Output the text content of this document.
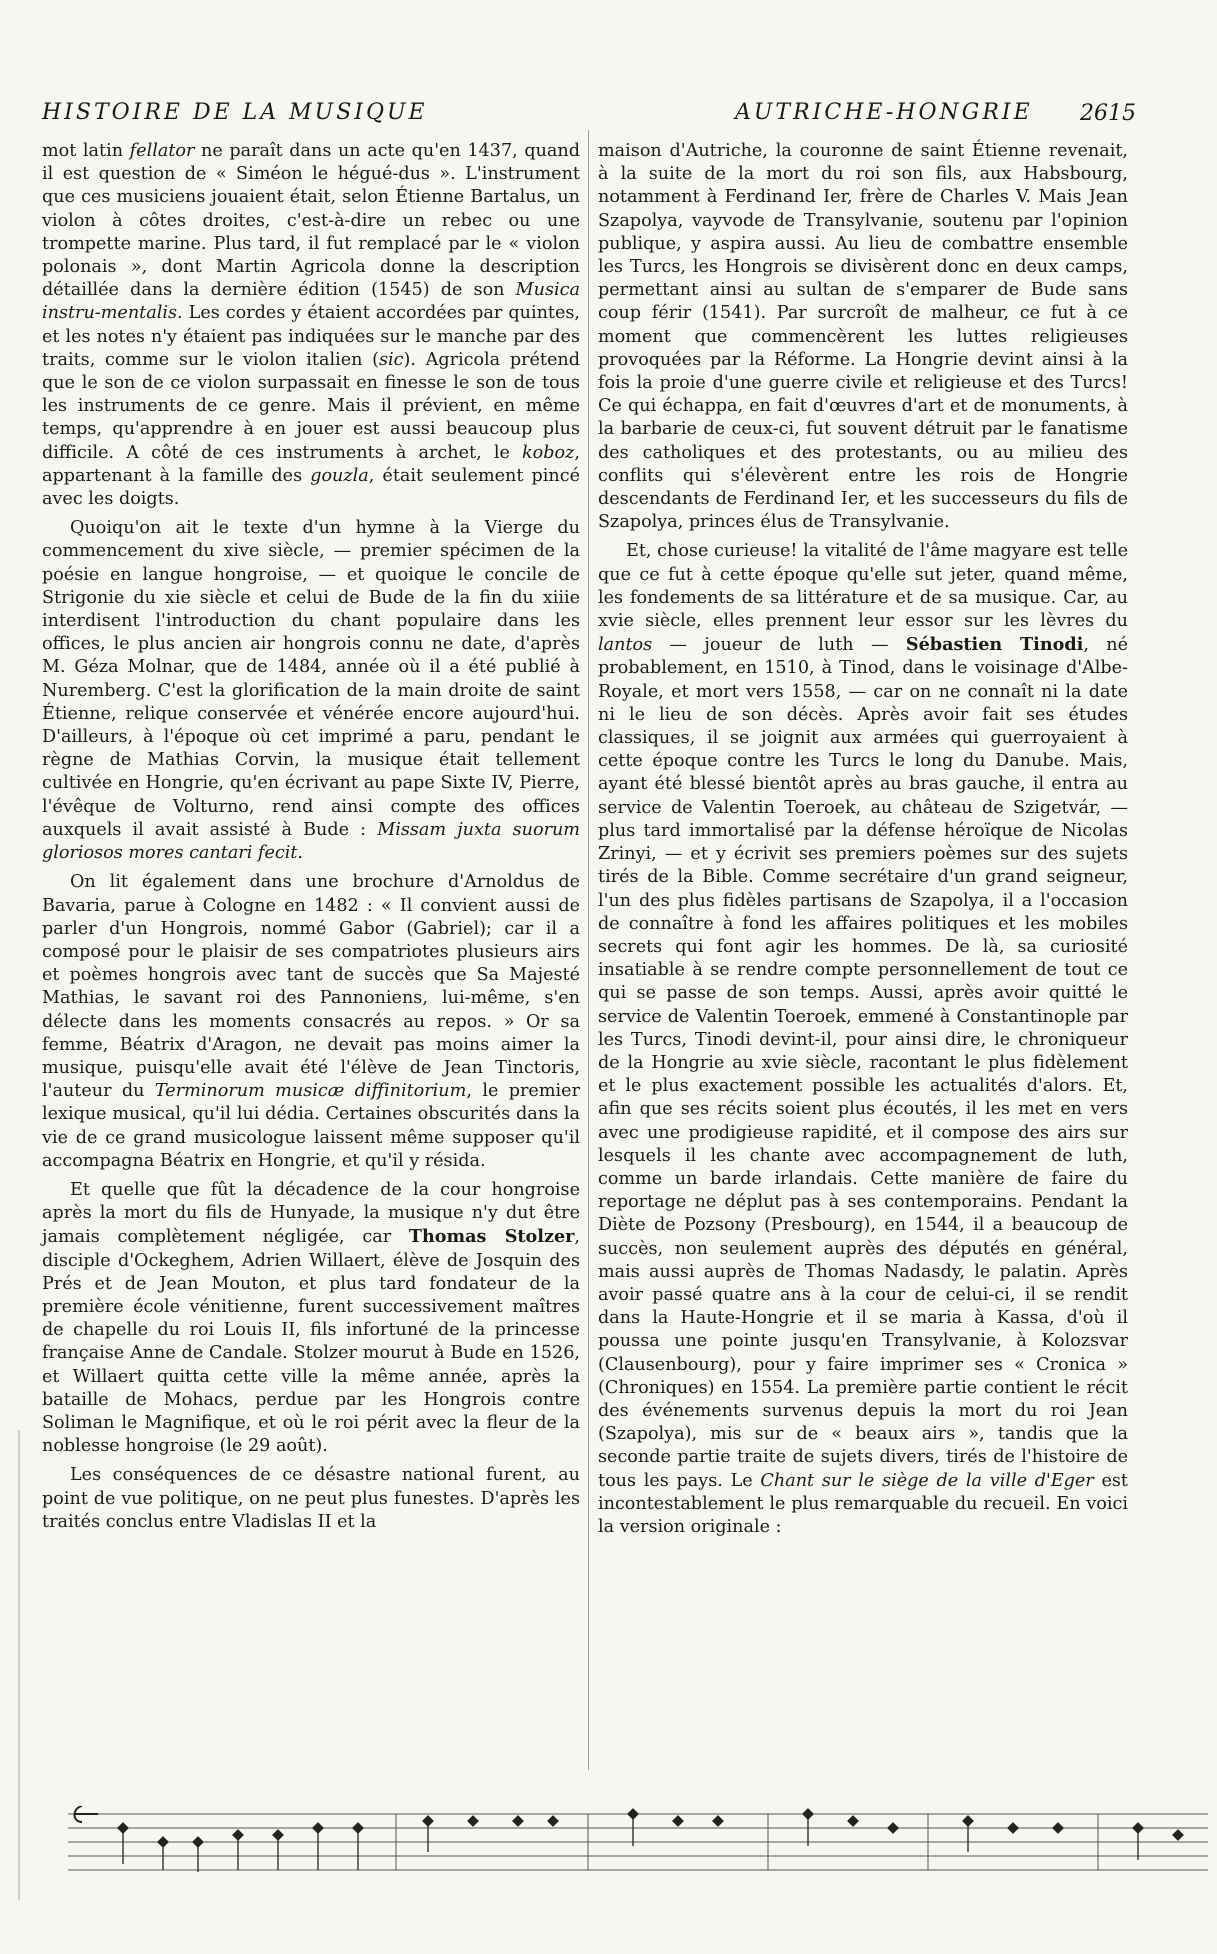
HISTOIRE DE LA MUSIQUE	AUTRICHE-HONGRIE 2615

mot latin fellator ne paraît dans un acte qu'en 1437, quand il est question de « Siméon le hégué-dus ». L'instrument que ces musiciens jouaient était, selon Étienne Bartalus, un violon à côtes droites, c'est-à-dire un rebec ou une trompette marine. Plus tard, il fut remplacé par le « violon polonais », dont Martin Agricola donne la description détaillée dans la dernière édition (1545) de son Musica instru-mentalis. Les cordes y étaient accordées par quintes, et les notes n'y étaient pas indiquées sur le manche par des traits, comme sur le violon italien (sic). Agricola prétend que le son de ce violon surpassait en finesse le son de tous les instruments de ce genre. Mais il prévient, en même temps, qu'apprendre à en jouer est aussi beaucoup plus difficile. A côté de ces instruments à archet, le koboz, appartenant à la famille des gouzla, était seulement pincé avec les doigts.

Quoiqu'on ait le texte d'un hymne à la Vierge du commencement du xive siècle, — premier spécimen de la poésie en langue hongroise, — et quoique le concile de Strigonie du xie siècle et celui de Bude de la fin du xiiie interdisent l'introduction du chant populaire dans les offices, le plus ancien air hongrois connu ne date, d'après M. Géza Molnar, que de 1484, année où il a été publié à Nuremberg. C'est la glorification de la main droite de saint Étienne, relique conservée et vénérée encore aujourd'hui. D'ailleurs, à l'époque où cet imprimé a paru, pendant le règne de Mathias Corvin, la musique était tellement cultivée en Hongrie, qu'en écrivant au pape Sixte IV, Pierre, l'évêque de Volturno, rend ainsi compte des offices auxquels il avait assisté à Bude : Missam juxta suorum gloriosos mores cantari fecit.

On lit également dans une brochure d'Arnoldus de Bavaria, parue à Cologne en 1482 : « Il convient aussi de parler d'un Hongrois, nommé Gabor (Gabriel); car il a composé pour le plaisir de ses compatriotes plusieurs airs et poèmes hongrois avec tant de succès que Sa Majesté Mathias, le savant roi des Pannoniens, lui-même, s'en délecte dans les moments consacrés au repos. » Or sa femme, Béatrix d'Aragon, ne devait pas moins aimer la musique, puisqu'elle avait été l'élève de Jean Tinctoris, l'auteur du Terminorum musicæ diffinitorium, le premier lexique musical, qu'il lui dédia. Certaines obscurités dans la vie de ce grand musicologue laissent même supposer qu'il accompagna Béatrix en Hongrie, et qu'il y résida.

Et quelle que fût la décadence de la cour hongroise après la mort du fils de Hunyade, la musique n'y dut être jamais complètement négligée, car Thomas Stolzer, disciple d'Ockeghem, Adrien Willaert, élève de Josquin des Prés et de Jean Mouton, et plus tard fondateur de la première école vénitienne, furent successivement maîtres de chapelle du roi Louis II, fils infortuné de la princesse française Anne de Candale. Stolzer mourut à Bude en 1526, et Willaert quitta cette ville la même année, après la bataille de Mohacs, perdue par les Hongrois contre Soliman le Magnifique, et où le roi périt avec la fleur de la noblesse hongroise (le 29 août).

Les conséquences de ce désastre national furent, au point de vue politique, on ne peut plus funestes. D'après les traités conclus entre Vladislas II et la

maison d'Autriche, la couronne de saint Étienne revenait, à la suite de la mort du roi son fils, aux Habsbourg, notamment à Ferdinand Ier, frère de Charles V. Mais Jean Szapolya, vayvode de Transylvanie, soutenu par l'opinion publique, y aspira aussi. Au lieu de combattre ensemble les Turcs, les Hongrois se divisèrent donc en deux camps, permettant ainsi au sultan de s'emparer de Bude sans coup férir (1541). Par surcroît de malheur, ce fut à ce moment que commencèrent les luttes religieuses provoquées par la Réforme. La Hongrie devint ainsi à la fois la proie d'une guerre civile et religieuse et des Turcs! Ce qui échappa, en fait d'œuvres d'art et de monuments, à la barbarie de ceux-ci, fut souvent détruit par le fanatisme des catholiques et des protestants, ou au milieu des conflits qui s'élevèrent entre les rois de Hongrie descendants de Ferdinand Ier, et les successeurs du fils de Szapolya, princes élus de Transylvanie.

Et, chose curieuse! la vitalité de l'âme magyare est telle que ce fut à cette époque qu'elle sut jeter, quand même, les fondements de sa littérature et de sa musique. Car, au xvie siècle, elles prennent leur essor sur les lèvres du lantos — joueur de luth — Sébastien Tinodi, né probablement, en 1510, à Tinod, dans le voisinage d'Albe-Royale, et mort vers 1558, — car on ne connaît ni la date ni le lieu de son décès. Après avoir fait ses études classiques, il se joignit aux armées qui guerroyaient à cette époque contre les Turcs le long du Danube. Mais, ayant été blessé bientôt après au bras gauche, il entra au service de Valentin Toeroek, au château de Szigetvár, — plus tard immortalisé par la défense héroïque de Nicolas Zrinyi, — et y écrivit ses premiers poèmes sur des sujets tirés de la Bible. Comme secrétaire d'un grand seigneur, l'un des plus fidèles partisans de Szapolya, il a l'occasion de connaître à fond les affaires politiques et les mobiles secrets qui font agir les hommes. De là, sa curiosité insatiable à se rendre compte personnellement de tout ce qui se passe de son temps. Aussi, après avoir quitté le service de Valentin Toeroek, emmené à Constantinople par les Turcs, Tinodi devint-il, pour ainsi dire, le chroniqueur de la Hongrie au xvie siècle, racontant le plus fidèlement et le plus exactement possible les actualités d'alors. Et, afin que ses récits soient plus écoutés, il les met en vers avec une prodigieuse rapidité, et il compose des airs sur lesquels il les chante avec accompagnement de luth, comme un barde irlandais. Cette manière de faire du reportage ne déplut pas à ses contemporains. Pendant la Diète de Pozsony (Presbourg), en 1544, il a beaucoup de succès, non seulement auprès des députés en général, mais aussi auprès de Thomas Nadasdy, le palatin. Après avoir passé quatre ans à la cour de celui-ci, il se rendit dans la Haute-Hongrie et il se maria à Kassa, d'où il poussa une pointe jusqu'en Transylvanie, à Kolozsvar (Clausenbourg), pour y faire imprimer ses « Cronica » (Chroniques) en 1554. La première partie contient le récit des événements survenus depuis la mort du roi Jean (Szapolya), mis sur de « beaux airs », tandis que la seconde partie traite de sujets divers, tirés de l'histoire de tous les pays. Le Chant sur le siège de la ville d'Eger est incontestablement le plus remarquable du recueil. En voici la version originale :
